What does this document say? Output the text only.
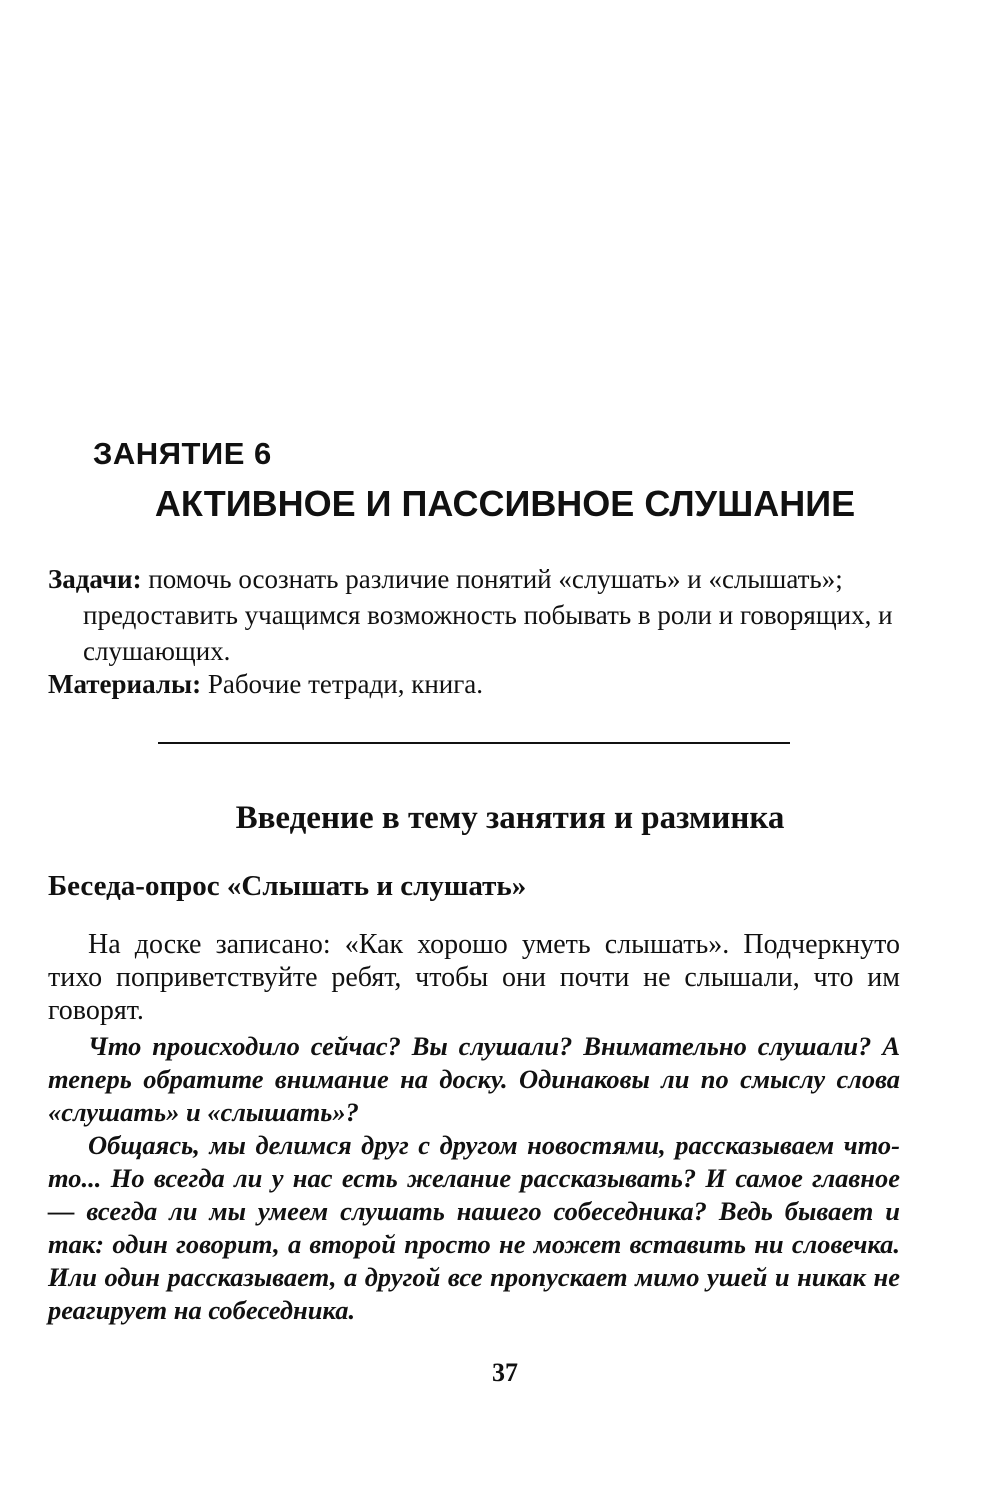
ЗАНЯТИЕ 6
АКТИВНОЕ И ПАССИВНОЕ СЛУШАНИЕ

Задачи: помочь осознать различие понятий «слушать» и «слышать»; предоставить учащимся возможность побывать в роли и говорящих, и слушающих.

Материалы: Рабочие тетради, книга.

Введение в тему занятия и разминка
Беседа-опрос «Слышать и слушать»

На доске записано: «Как хорошо уметь слышать». Подчеркнуто тихо поприветствуйте ребят, чтобы они почти не слышали, что им говорят.

Что происходило сейчас? Вы слушали? Внимательно слушали? А теперь обратите внимание на доску. Одинаковы ли по смыслу слова «слушать» и «слышать»?

Общаясь, мы делимся друг с другом новостями, рассказываем что-то... Но всегда ли у нас есть желание рассказывать? И самое главное — всегда ли мы умеем слушать нашего собеседника? Ведь бывает и так: один говорит, а второй просто не может вставить ни словечка. Или один рассказывает, а другой все пропускает мимо ушей и никак не реагирует на собеседника.

37
